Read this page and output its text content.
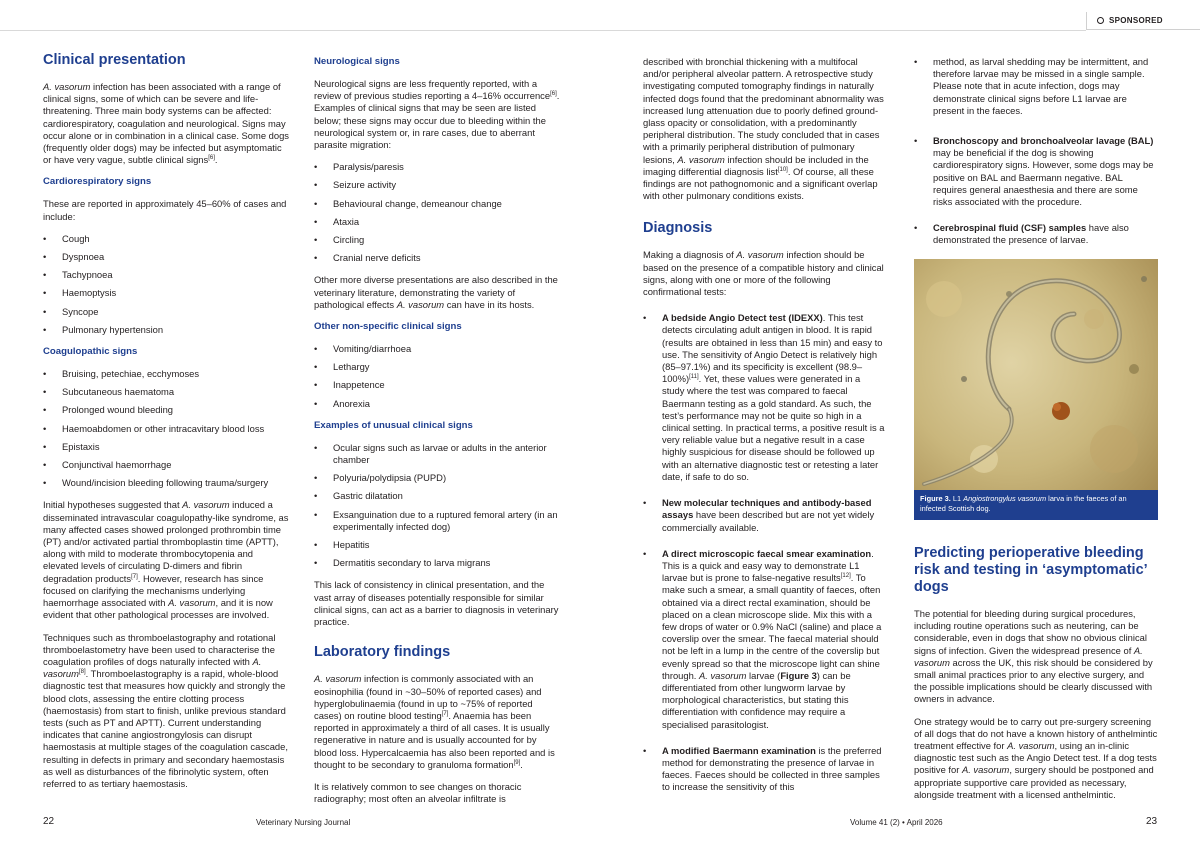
SPONSORED
Clinical presentation

A. vasorum infection has been associated with a range of clinical signs, some of which can be severe and life-threatening. Three main body systems can be affected: cardiorespiratory, coagulation and neurological. Signs may occur alone or in combination in a clinical case. Some dogs (frequently older dogs) may be infected but asymptomatic or have very vague, subtle clinical signs[6].

Cardiorespiratory signs

These are reported in approximately 45–60% of cases and include:

• Cough
• Dyspnoea
• Tachypnoea
• Haemoptysis
• Syncope
• Pulmonary hypertension
Coagulopathic signs
• Bruising, petechiae, ecchymoses
• Subcutaneous haematoma
• Prolonged wound bleeding
• Haemoabdomen or other intracavitary blood loss
• Epistaxis
• Conjunctival haemorrhage
• Wound/incision bleeding following trauma/surgery

Initial hypotheses suggested that A. vasorum induced a disseminated intravascular coagulopathy-like syndrome, as many affected cases showed prolonged prothrombin time (PT) and/or activated partial thromboplastin time (APTT), along with mild to moderate thrombocytopenia and elevated levels of circulating D-dimers and fibrin degradation products[7]. However, research has since focused on clarifying the mechanisms underlying haemorrhage associated with A. vasorum, and it is now evident that other pathological processes are involved.

Techniques such as thromboelastography and rotational thromboelastometry have been used to characterise the coagulation profiles of dogs naturally infected with A. vasorum[8]. Thromboelastography is a rapid, whole-blood diagnostic test that measures how quickly and strongly the blood clots, assessing the entire clotting process (haemostasis) from start to finish, unlike previous standard tests (such as PT and APTT). Current understanding indicates that canine angiostrongylosis can disrupt haemostasis at multiple stages of the coagulation cascade, resulting in defects in primary and secondary haemostasis as well as disturbances of the fibrinolytic system, often referred to as tertiary haemostasis.

Neurological signs

Neurological signs are less frequently reported, with a review of previous studies reporting a 4–16% occurrence[6]. Examples of clinical signs that may be seen are listed below; these signs may occur due to bleeding within the neurological system or, in rare cases, due to aberrant parasite migration:

• Paralysis/paresis
• Seizure activity
• Behavioural change, demeanour change
• Ataxia
• Circling
• Cranial nerve deficits

Other more diverse presentations are also described in the veterinary literature, demonstrating the variety of pathological effects A. vasorum can have in its hosts.

Other non-specific clinical signs
• Vomiting/diarrhoea
• Lethargy
• Inappetence
• Anorexia
Examples of unusual clinical signs
• Ocular signs such as larvae or adults in the anterior chamber
• Polyuria/polydipsia (PUPD)
• Gastric dilatation
• Exsanguination due to a ruptured femoral artery (in an experimentally infected dog)
• Hepatitis
• Dermatitis secondary to larva migrans

This lack of consistency in clinical presentation, and the vast array of diseases potentially responsible for similar clinical signs, can act as a barrier to diagnosis in veterinary practice.

Laboratory findings

A. vasorum infection is commonly associated with an eosinophilia (found in ~30–50% of reported cases) and hyperglobulinaemia (found in up to ~75% of reported cases) on routine blood testing[7]. Anaemia has been reported in approximately a third of all cases. It is usually regenerative in nature and is usually accounted for by blood loss. Hypercalcaemia has also been reported and is thought to be secondary to granuloma formation[9].

It is relatively common to see changes on thoracic radiography; most often an alveolar infiltrate is

described with bronchial thickening with a multifocal and/or peripheral alveolar pattern. A retrospective study investigating computed tomography findings in naturally infected dogs found that the predominant abnormality was increased lung attenuation due to poorly defined ground-glass opacity or consolidation, with a predominantly peripheral distribution. The study concluded that in cases with a primarily peripheral distribution of pulmonary lesions, A. vasorum infection should be included in the imaging differential diagnosis list[10]. Of course, all these findings are not pathognomonic and a significant overlap with other pulmonary conditions exists.

Diagnosis

Making a diagnosis of A. vasorum infection should be based on the presence of a compatible history and clinical signs, along with one or more of the following confirmational tests:

• A bedside Angio Detect test (IDEXX). This test detects circulating adult antigen in blood. It is rapid (results are obtained in less than 15 min) and easy to use. The sensitivity of Angio Detect is relatively high (85–97.1%) and its specificity is excellent (98.9–100%)[11]. Yet, these values were generated in a study where the test was compared to faecal Baermann testing as a gold standard. As such, the test’s performance may not be quite so high in a clinical setting. In practical terms, a positive result is a very reliable value but a negative result in a case highly suspicious for disease should be followed up with an alternative diagnostic test or retesting a later date, if safe to do so.
• New molecular techniques and antibody-based assays have been described but are not yet widely commercially available.
• A direct microscopic faecal smear examination. This is a quick and easy way to demonstrate L1 larvae but is prone to false-negative results[12]. To make such a smear, a small quantity of faeces, often obtained via a direct rectal examination, should be placed on a clean microscope slide. Mix this with a few drops of water or 0.9% NaCl (saline) and place a coverslip over the smear. The faecal material should not be left in a lump in the centre of the coverslip but evenly spread so that the microscope light can shine through. A. vasorum larvae (Figure 3) can be differentiated from other lungworm larvae by morphological characteristics, but stating this differentiation with confidence may require a specialised parasitologist.
• A modified Baermann examination is the preferred method for demonstrating the presence of larvae in faeces. Faeces should be collected in three samples to increase the sensitivity of this
• method, as larval shedding may be intermittent, and therefore larvae may be missed in a single sample. Please note that in acute infection, dogs may demonstrate clinical signs before L1 larvae are present in the faeces.
• Bronchoscopy and bronchoalveolar lavage (BAL) may be beneficial if the dog is showing cardiorespiratory signs. However, some dogs may be positive on BAL and Baermann negative. BAL requires general anaesthesia and there are some risks associated with the procedure.
• Cerebrospinal fluid (CSF) samples have also demonstrated the presence of larvae.
Figure 3. L1 Angiostrongylus vasorum larva in the faeces of an infected Scottish dog.
Predicting perioperative bleeding risk and testing in ‘asymptomatic’ dogs

The potential for bleeding during surgical procedures, including routine operations such as neutering, can be considerable, even in dogs that show no obvious clinical signs of infection. Given the widespread presence of A. vasorum across the UK, this risk should be considered by small animal practices prior to any elective surgery, and the possible implications should be clearly discussed with owners in advance.

One strategy would be to carry out pre-surgery screening of all dogs that do not have a known history of anthelmintic treatment effective for A. vasorum, using an in-clinic diagnostic test such as the Angio Detect test. If a dog tests positive for A. vasorum, surgery should be postponed and appropriate supportive care provided as necessary, alongside treatment with a licensed anthelmintic.

22	Veterinary Nursing Journal	Volume 41 (2) • April 2026	23
